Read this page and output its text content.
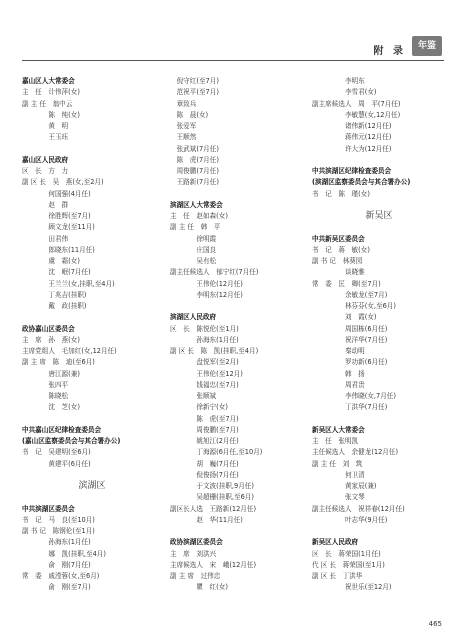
附 录	年鉴
嘉山区人大常委会
主　任　计伟萍(女)
副 主 任　翁中云
　　　　陈　纯(女)
　　　　黄　明
　　　　王玉珏
嘉山区人民政府
区　长　方　力
副 区 长　吴　燕(女,至2月)
　　　　何国强(4月任)
　　　　赵　群
　　　　徐胜辉(至7月)
　　　　顾文龙(至11月)
　　　　田君伟
　　　　郎晓东(11月任)
　　　　虞　霜(女)
　　　　沈　岷(7月任)
　　　　王兰兰(女,挂职,至4月)
　　　　丁兆吉(挂职)
　　　　戴　政(挂职)
政协嘉山区委员会
主　席　孙　燕(女)
主席党组人　毛加红(女,12月任)
副 主 席　陈　迪(至6月)
　　　　唐江源(兼)
　　　　张四平
　　　　陈晓松
　　　　沈　芝(女)
中共嘉山区纪律检查委员会
(嘉山区监察委员会与其合署办公)
书　记　吴建明(至6月)
　　　　黄建平(6月任)
滨湖区
中共滨湖区委员会
书　记　马　良(至10月)
副 书 记　陈钢伦(至1月)
　　　　孙海东(1月任)
　　　　娜　凯(挂职,至4月)
　　　　俞　刚(7月任)
常　委　戚滢蓉(女,至6月)
　　　　俞　刚(至7月)
　倪守红(至7月)
　范祝平(至7月)
　章致兵
　陈　晨(女)
　张爱军
　王顺然
　张武斌(7月任)
　陈　虎(7月任)
　周俊鹏(7月任)
　王路新(7月任)
滨湖区人大常委会
主　任　赵如森(女)
副 主 任　韩　平
　　　　徐明霞
　　　　庄国良
　　　　吴有松
副主任候选人　郁宁红(7月任)
　　　　王伟伦(12月任)
　　　　李明东(12月任)
滨湖区人民政府
区　长　陈悦伦(至1月)
　　　　孙海东(1月任)
副 区 长　陈　凯(挂职,至4月)
　　　　盘悦军(至2月)
　　　　王伟伦(至12月)
　　　　钱福忠(至7月)
　　　　张顺斌
　　　　徐新宁(女)
　　　　陈　虎(至7月)
　　　　周俊鹏(至7月)
　　　　姚旭江(2月任)
　　　　丁海源(6月任,至10月)
　　　　胡　巍(7月任)
　　　　倪俊扬(7月任)
　　　　于文波(挂职,9月任)
　　　　吴超栅(挂职,至6月)
副区长人选　王路新(12月任)
　　　　赵　华(11月任)
政协滨湖区委员会
主　席　刘洪兴
主席候选人　宋　峨(12月任)
副 主 席　过伟忠
　　　　瞿　红(女)
　　　　　李明东
　　　　　李雪君(女)
副主席候选人　周　平(7月任)
　　　　　李敏慧(女,12月任)
　　　　　诸伟新(12月任)
　　　　　蒋伟元(12月任)
　　　　　许大为(12月任)
中共滨湖区纪律检查委员会
(滨湖区监察委员会与其合署办公)
书　记　陈　瑾(女)
新吴区
中共新吴区委员会
书　记　蒋　敏(女)
副 书 记　林葵园
　　　　　谈晓雅
常　委　匡　卿(至7月)
　　　　　余敏龙(至7月)
　　　　　林芬芬(女,至6月)
　　　　　刘　霞(女)
　　　　　周国栋(6月任)
　　　　　祝洋华(7月任)
　　　　　秦动明
　　　　　罗功新(6月任)
　　　　　韩　扬
　　　　　周君贵
　　　　　李伟晓(女,7月任)
　　　　　丁洪华(7月任)
新吴区人大常委会
主　任　张明凯
主任候选人　余健龙(12月任)
副 主 任　刘　筑
　　　　　何卫清
　　　　　黄家辰(兼)
　　　　　张文琴
副主任候选人　祝祥春(12月任)
　　　　　叶志华(9月任)
新吴区人民政府
区　长　蒋荣国(1月任)
代 区 长　蒋荣国(至1月)
副 区 长　丁洪华
　　　　　祝世乐(至12月)
465
